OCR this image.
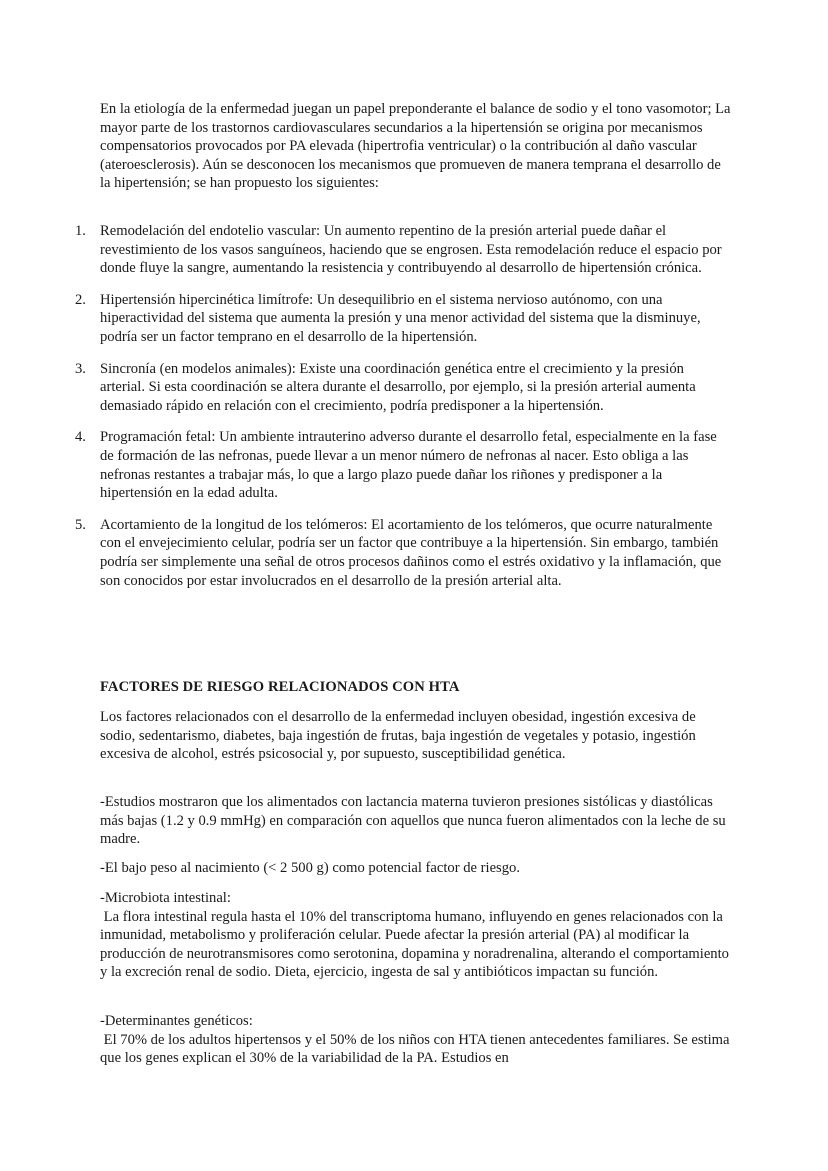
En la etiología de la enfermedad juegan un papel preponderante el balance de sodio y el tono vasomotor; La mayor parte de los trastornos cardiovasculares secundarios a la hipertensión se origina por mecanismos compensatorios provocados por PA elevada (hipertrofia ventricular) o la contribución al daño vascular (ateroesclerosis). Aún se desconocen los mecanismos que promueven de manera temprana el desarrollo de la hipertensión; se han propuesto los siguientes:

1. Remodelación del endotelio vascular: Un aumento repentino de la presión arterial puede dañar el revestimiento de los vasos sanguíneos, haciendo que se engrosen. Esta remodelación reduce el espacio por donde fluye la sangre, aumentando la resistencia y contribuyendo al desarrollo de hipertensión crónica.
2. Hipertensión hipercinética limítrofe: Un desequilibrio en el sistema nervioso autónomo, con una hiperactividad del sistema que aumenta la presión y una menor actividad del sistema que la disminuye, podría ser un factor temprano en el desarrollo de la hipertensión.
3. Sincronía (en modelos animales): Existe una coordinación genética entre el crecimiento y la presión arterial. Si esta coordinación se altera durante el desarrollo, por ejemplo, si la presión arterial aumenta demasiado rápido en relación con el crecimiento, podría predisponer a la hipertensión.
4. Programación fetal: Un ambiente intrauterino adverso durante el desarrollo fetal, especialmente en la fase de formación de las nefronas, puede llevar a un menor número de nefronas al nacer. Esto obliga a las nefronas restantes a trabajar más, lo que a largo plazo puede dañar los riñones y predisponer a la hipertensión en la edad adulta.
5. Acortamiento de la longitud de los telómeros: El acortamiento de los telómeros, que ocurre naturalmente con el envejecimiento celular, podría ser un factor que contribuye a la hipertensión. Sin embargo, también podría ser simplemente una señal de otros procesos dañinos como el estrés oxidativo y la inflamación, que son conocidos por estar involucrados en el desarrollo de la presión arterial alta.
FACTORES DE RIESGO RELACIONADOS CON HTA

Los factores relacionados con el desarrollo de la enfermedad incluyen obesidad, ingestión excesiva de sodio, sedentarismo, diabetes, baja ingestión de frutas, baja ingestión de vegetales y potasio, ingestión excesiva de alcohol, estrés psicosocial y, por supuesto, susceptibilidad genética.

-Estudios mostraron que los alimentados con lactancia materna tuvieron presiones sistólicas y diastólicas más bajas (1.2 y 0.9 mmHg) en comparación con aquellos que nunca fueron alimentados con la leche de su madre.

-El bajo peso al nacimiento (< 2 500 g) como potencial factor de riesgo.

-Microbiota intestinal:
La flora intestinal regula hasta el 10% del transcriptoma humano, influyendo en genes relacionados con la inmunidad, metabolismo y proliferación celular. Puede afectar la presión arterial (PA) al modificar la producción de neurotransmisores como serotonina, dopamina y noradrenalina, alterando el comportamiento y la excreción renal de sodio. Dieta, ejercicio, ingesta de sal y antibióticos impactan su función.
-Determinantes genéticos:
El 70% de los adultos hipertensos y el 50% de los niños con HTA tienen antecedentes familiares. Se estima que los genes explican el 30% de la variabilidad de la PA. Estudios en
